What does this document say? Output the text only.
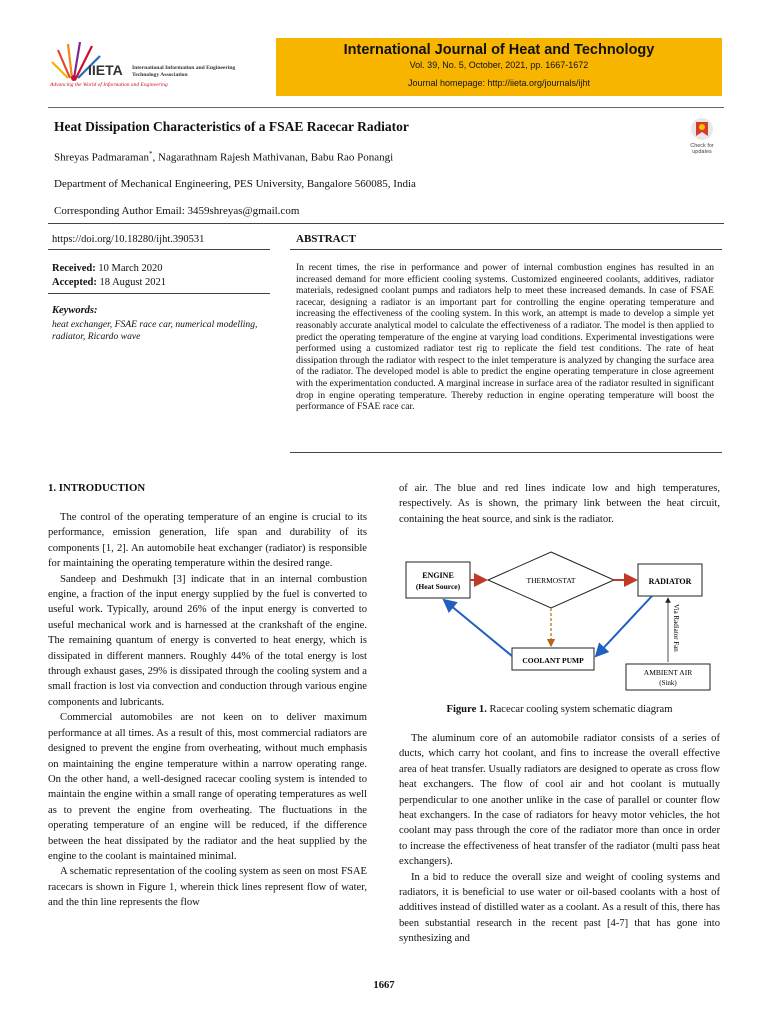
IIETA International Information and Engineering Technology Association
Advancing the World of Information and Engineering
International Journal of Heat and Technology
Vol. 39, No. 5, October, 2021, pp. 1667-1672
Journal homepage: http://iieta.org/journals/ijht
Heat Dissipation Characteristics of a FSAE Racecar Radiator
Check for
updates
Shreyas Padmaraman*, Nagarathnam Rajesh Mathivanan, Babu Rao Ponangi
Department of Mechanical Engineering, PES University, Bangalore 560085, India
Corresponding Author Email: 3459shreyas@gmail.com
https://doi.org/10.18280/ijht.390531
Received: 10 March 2020
Accepted: 18 August 2021
Keywords:
heat exchanger, FSAE race car, numerical modelling, radiator, Ricardo wave
ABSTRACT
In recent times, the rise in performance and power of internal combustion engines has resulted in an increased demand for more efficient cooling systems. Customized engineered coolants, additives, radiator materials, redesigned coolant pumps and radiators help to meet these increased demands. In case of FSAE racecar, designing a radiator is an important part for controlling the engine operating temperature and increasing the effectiveness of the cooling system. In this work, an attempt is made to develop a simple yet reasonably accurate analytical model to calculate the effectiveness of a radiator. The model is then applied to predict the operating temperature of the engine at varying load conditions. Experimental investigations were performed using a customized radiator test rig to replicate the field test conditions. The rate of heat dissipation through the radiator with respect to the inlet temperature is analyzed by changing the surface area of the radiator. The developed model is able to predict the engine operating temperature in close agreement with the experimentation conducted. A marginal increase in surface area of the radiator resulted in significant drop in engine operating temperature. Thereby reduction in engine operating temperature will boost the performance of FSAE race car.
1. INTRODUCTION

The control of the operating temperature of an engine is crucial to its performance, emission generation, life span and durability of its components [1, 2]. An automobile heat exchanger (radiator) is responsible for maintaining the operating temperature within the desired range.

Sandeep and Deshmukh [3] indicate that in an internal combustion engine, a fraction of the input energy supplied by the fuel is converted to useful work. Typically, around 26% of the input energy is converted to useful mechanical work and is harnessed at the crankshaft of the engine. The remaining quantum of energy is converted to heat energy, which is dissipated in different manners. Roughly 44% of the total energy is lost through exhaust gases, 29% is dissipated through the cooling system and a small fraction is lost via convection and conduction through various engine components and lubricants.

Commercial automobiles are not keen on to deliver maximum performance at all times. As a result of this, most commercial radiators are designed to prevent the engine from overheating, without much emphasis on maintaining the engine temperature within a narrow operating range. On the other hand, a well-designed racecar cooling system is intended to maintain the engine within a small range of operating temperatures as well as to prevent the engine from overheating. The fluctuations in the operating temperature of an engine will be reduced, if the difference between the heat dissipated by the radiator and the heat supplied by the engine to the coolant is maintained minimal.

A schematic representation of the cooling system as seen on most FSAE racecars is shown in Figure 1, wherein thick lines represent flow of water, and the thin line represents the flow

of air. The blue and red lines indicate low and high temperatures, respectively. As is shown, the primary link between the heat circuit, containing the heat source, and sink is the radiator.

ENGINE
(Heat Source)
THERMOSTAT	RADIATOR
COOLANT PUMP
AMBIENT AIR
(Sink)
Via Radiator Fan
Figure 1. Racecar cooling system schematic diagram

The aluminum core of an automobile radiator consists of a series of ducts, which carry hot coolant, and fins to increase the overall effective area of heat transfer. Usually radiators are designed to operate as cross flow heat exchangers. The flow of cool air and hot coolant is mutually perpendicular to one another unlike in the case of parallel or counter flow heat exchangers. In the case of radiators for heavy motor vehicles, the hot coolant may pass through the core of the radiator more than once in order to increase the effectiveness of heat transfer of the radiator (multi pass heat exchangers).

In a bid to reduce the overall size and weight of cooling systems and radiators, it is beneficial to use water or oil-based coolants with a host of additives instead of distilled water as a coolant. As a result of this, there has been substantial research in the recent past [4-7] that has gone into synthesizing and

1667
